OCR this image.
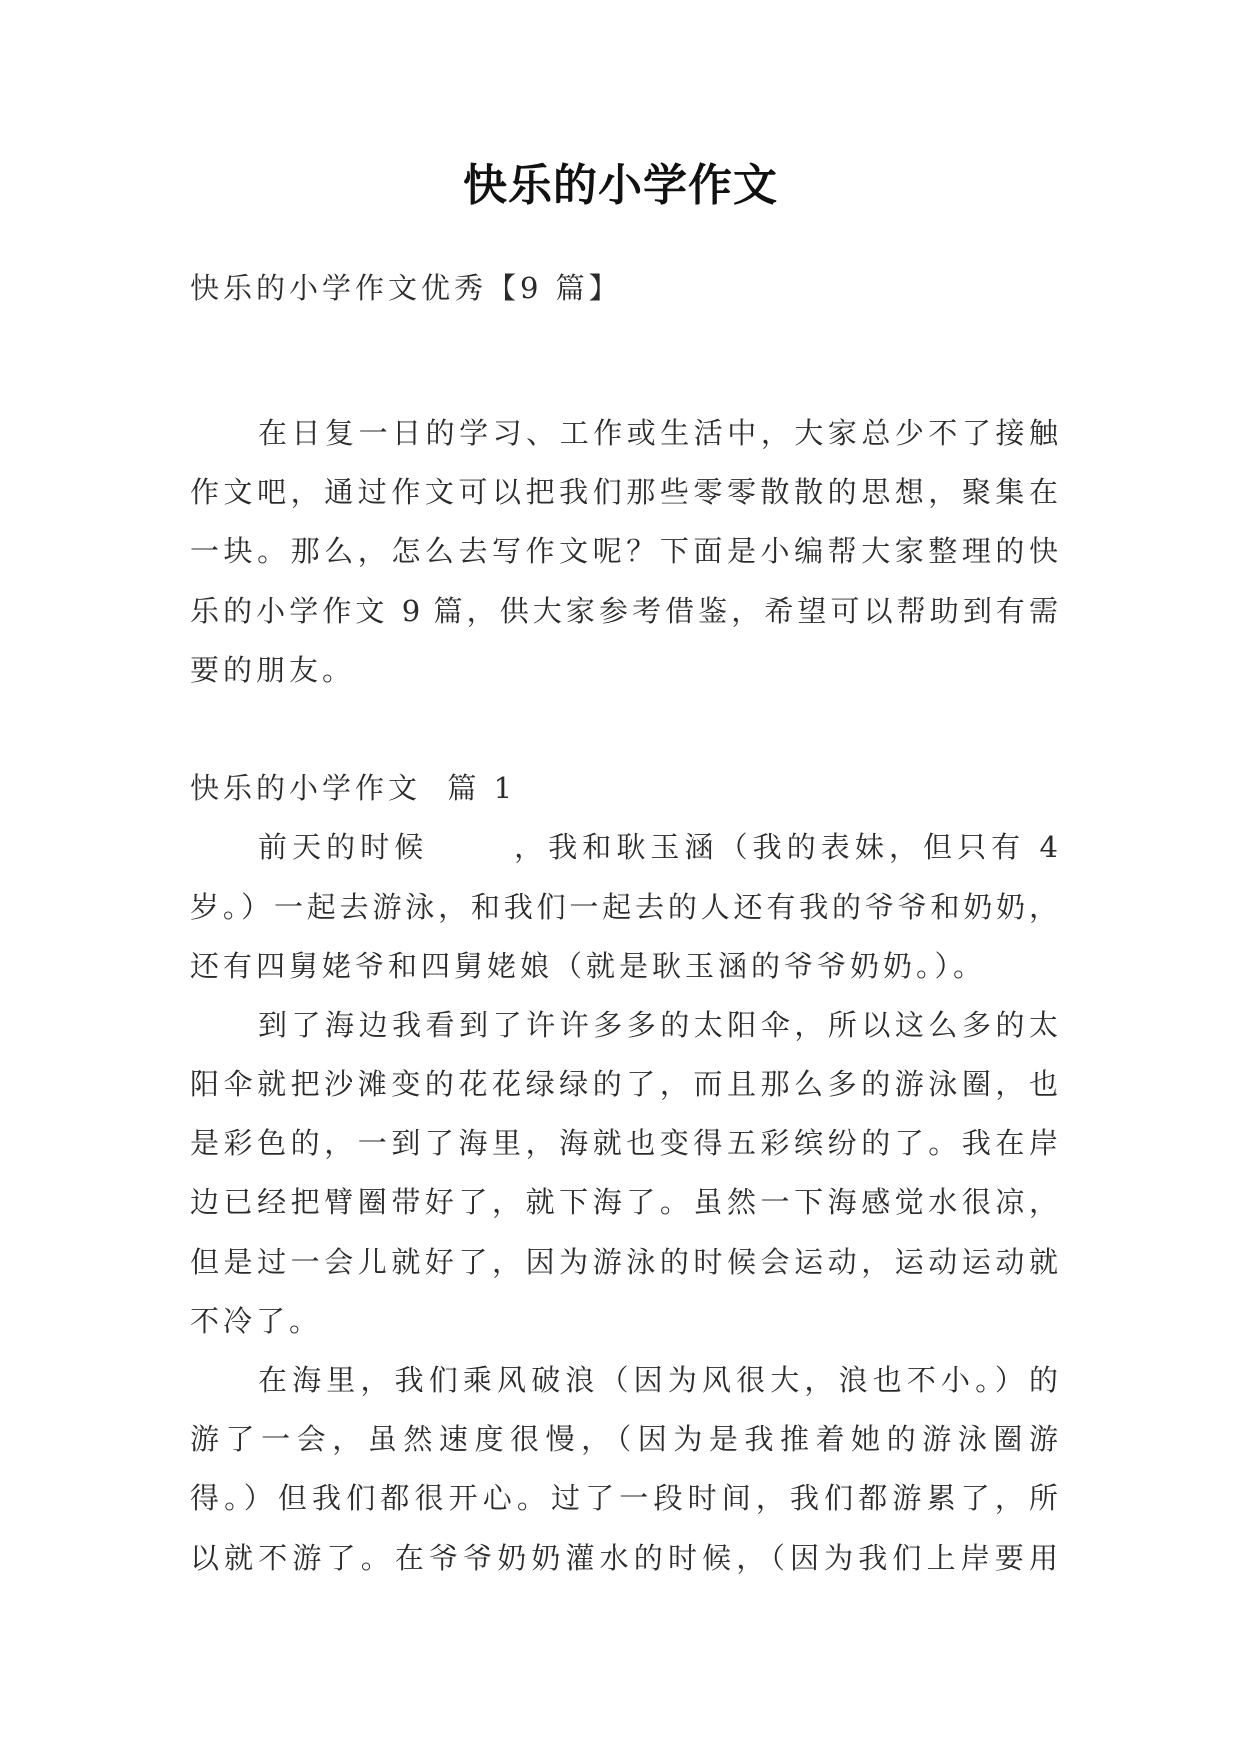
快乐的小学作文
快乐的小学作文优秀【9 篇】
在日复一日的学习、工作或生活中，大家总少不了接触
作文吧，通过作文可以把我们那些零零散散的思想，聚集在
一块。那么，怎么去写作文呢？下面是小编帮大家整理的快
乐的小学作文 9 篇，供大家参考借鉴，希望可以帮助到有需
要的朋友。
快乐的小学作文  篇 1
前天的时候      ，我和耿玉涵（我的表妹，但只有 4
岁。）一起去游泳，和我们一起去的人还有我的爷爷和奶奶，
还有四舅姥爷和四舅姥娘（就是耿玉涵的爷爷奶奶。）。
到了海边我看到了许许多多的太阳伞，所以这么多的太
阳伞就把沙滩变的花花绿绿的了，而且那么多的游泳圈，也
是彩色的，一到了海里，海就也变得五彩缤纷的了。我在岸
边已经把臂圈带好了，就下海了。虽然一下海感觉水很凉，
但是过一会儿就好了，因为游泳的时候会运动，运动运动就
不冷了。
在海里，我们乘风破浪（因为风很大，浪也不小。）的
游了一会，虽然速度很慢，（因为是我推着她的游泳圈游
得。）但我们都很开心。过了一段时间，我们都游累了，所
以就不游了。在爷爷奶奶灌水的时候，（因为我们上岸要用
